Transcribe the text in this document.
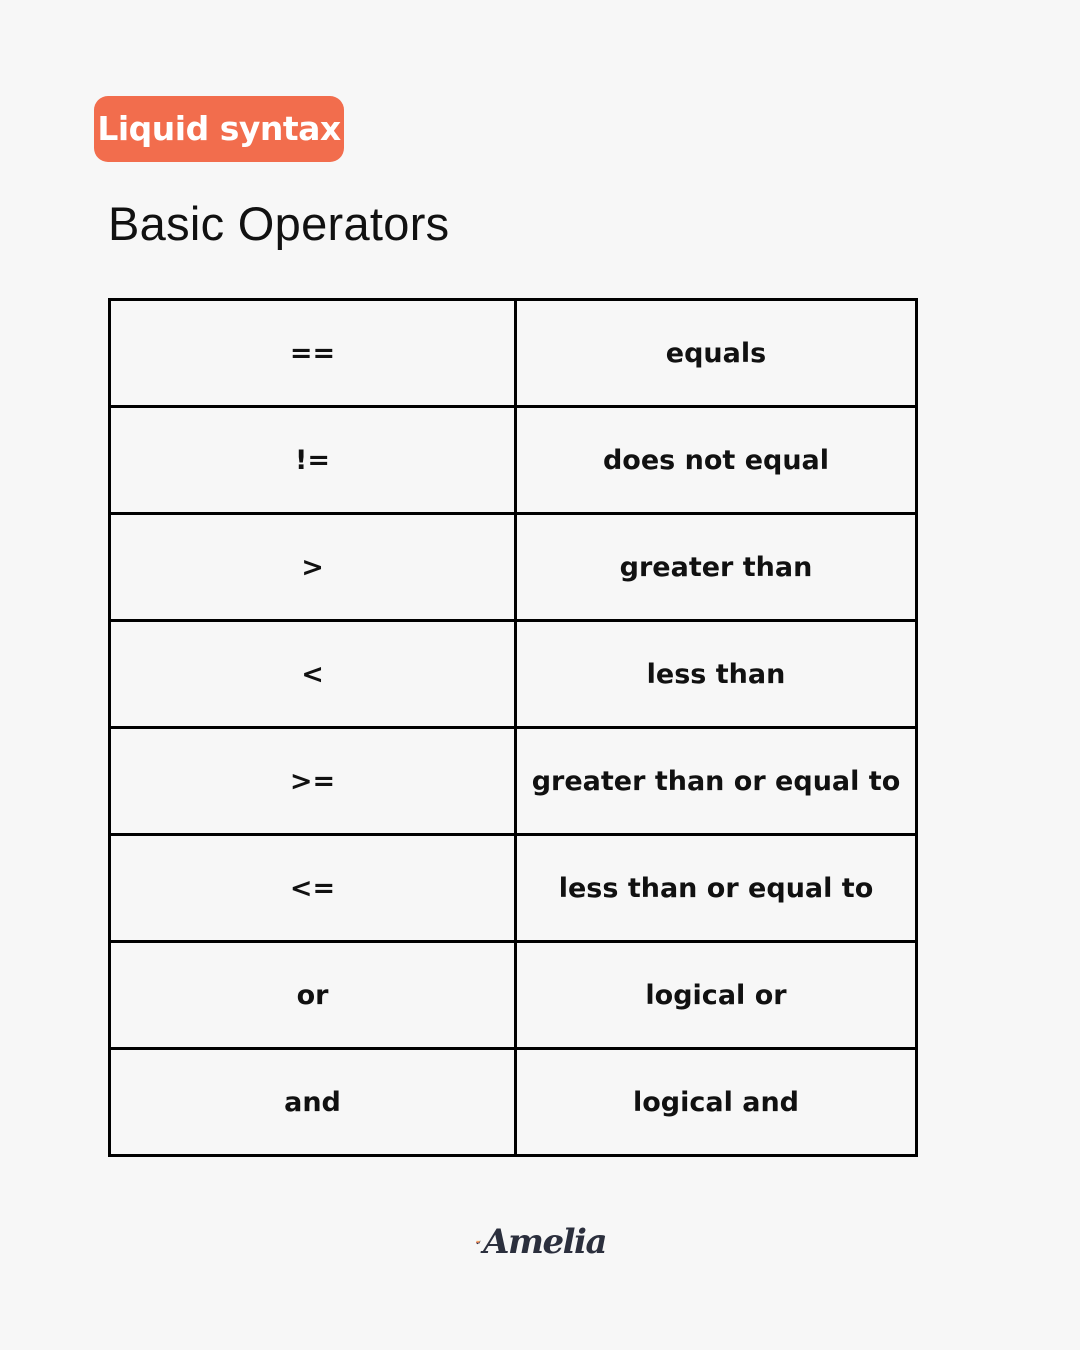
Liquid syntax
Basic Operators
==	equals
!=	does not equal
>	greater than
<	less than
>=	greater than or equal to
<=	less than or equal to
or	logical or
and	logical and
Amelia
